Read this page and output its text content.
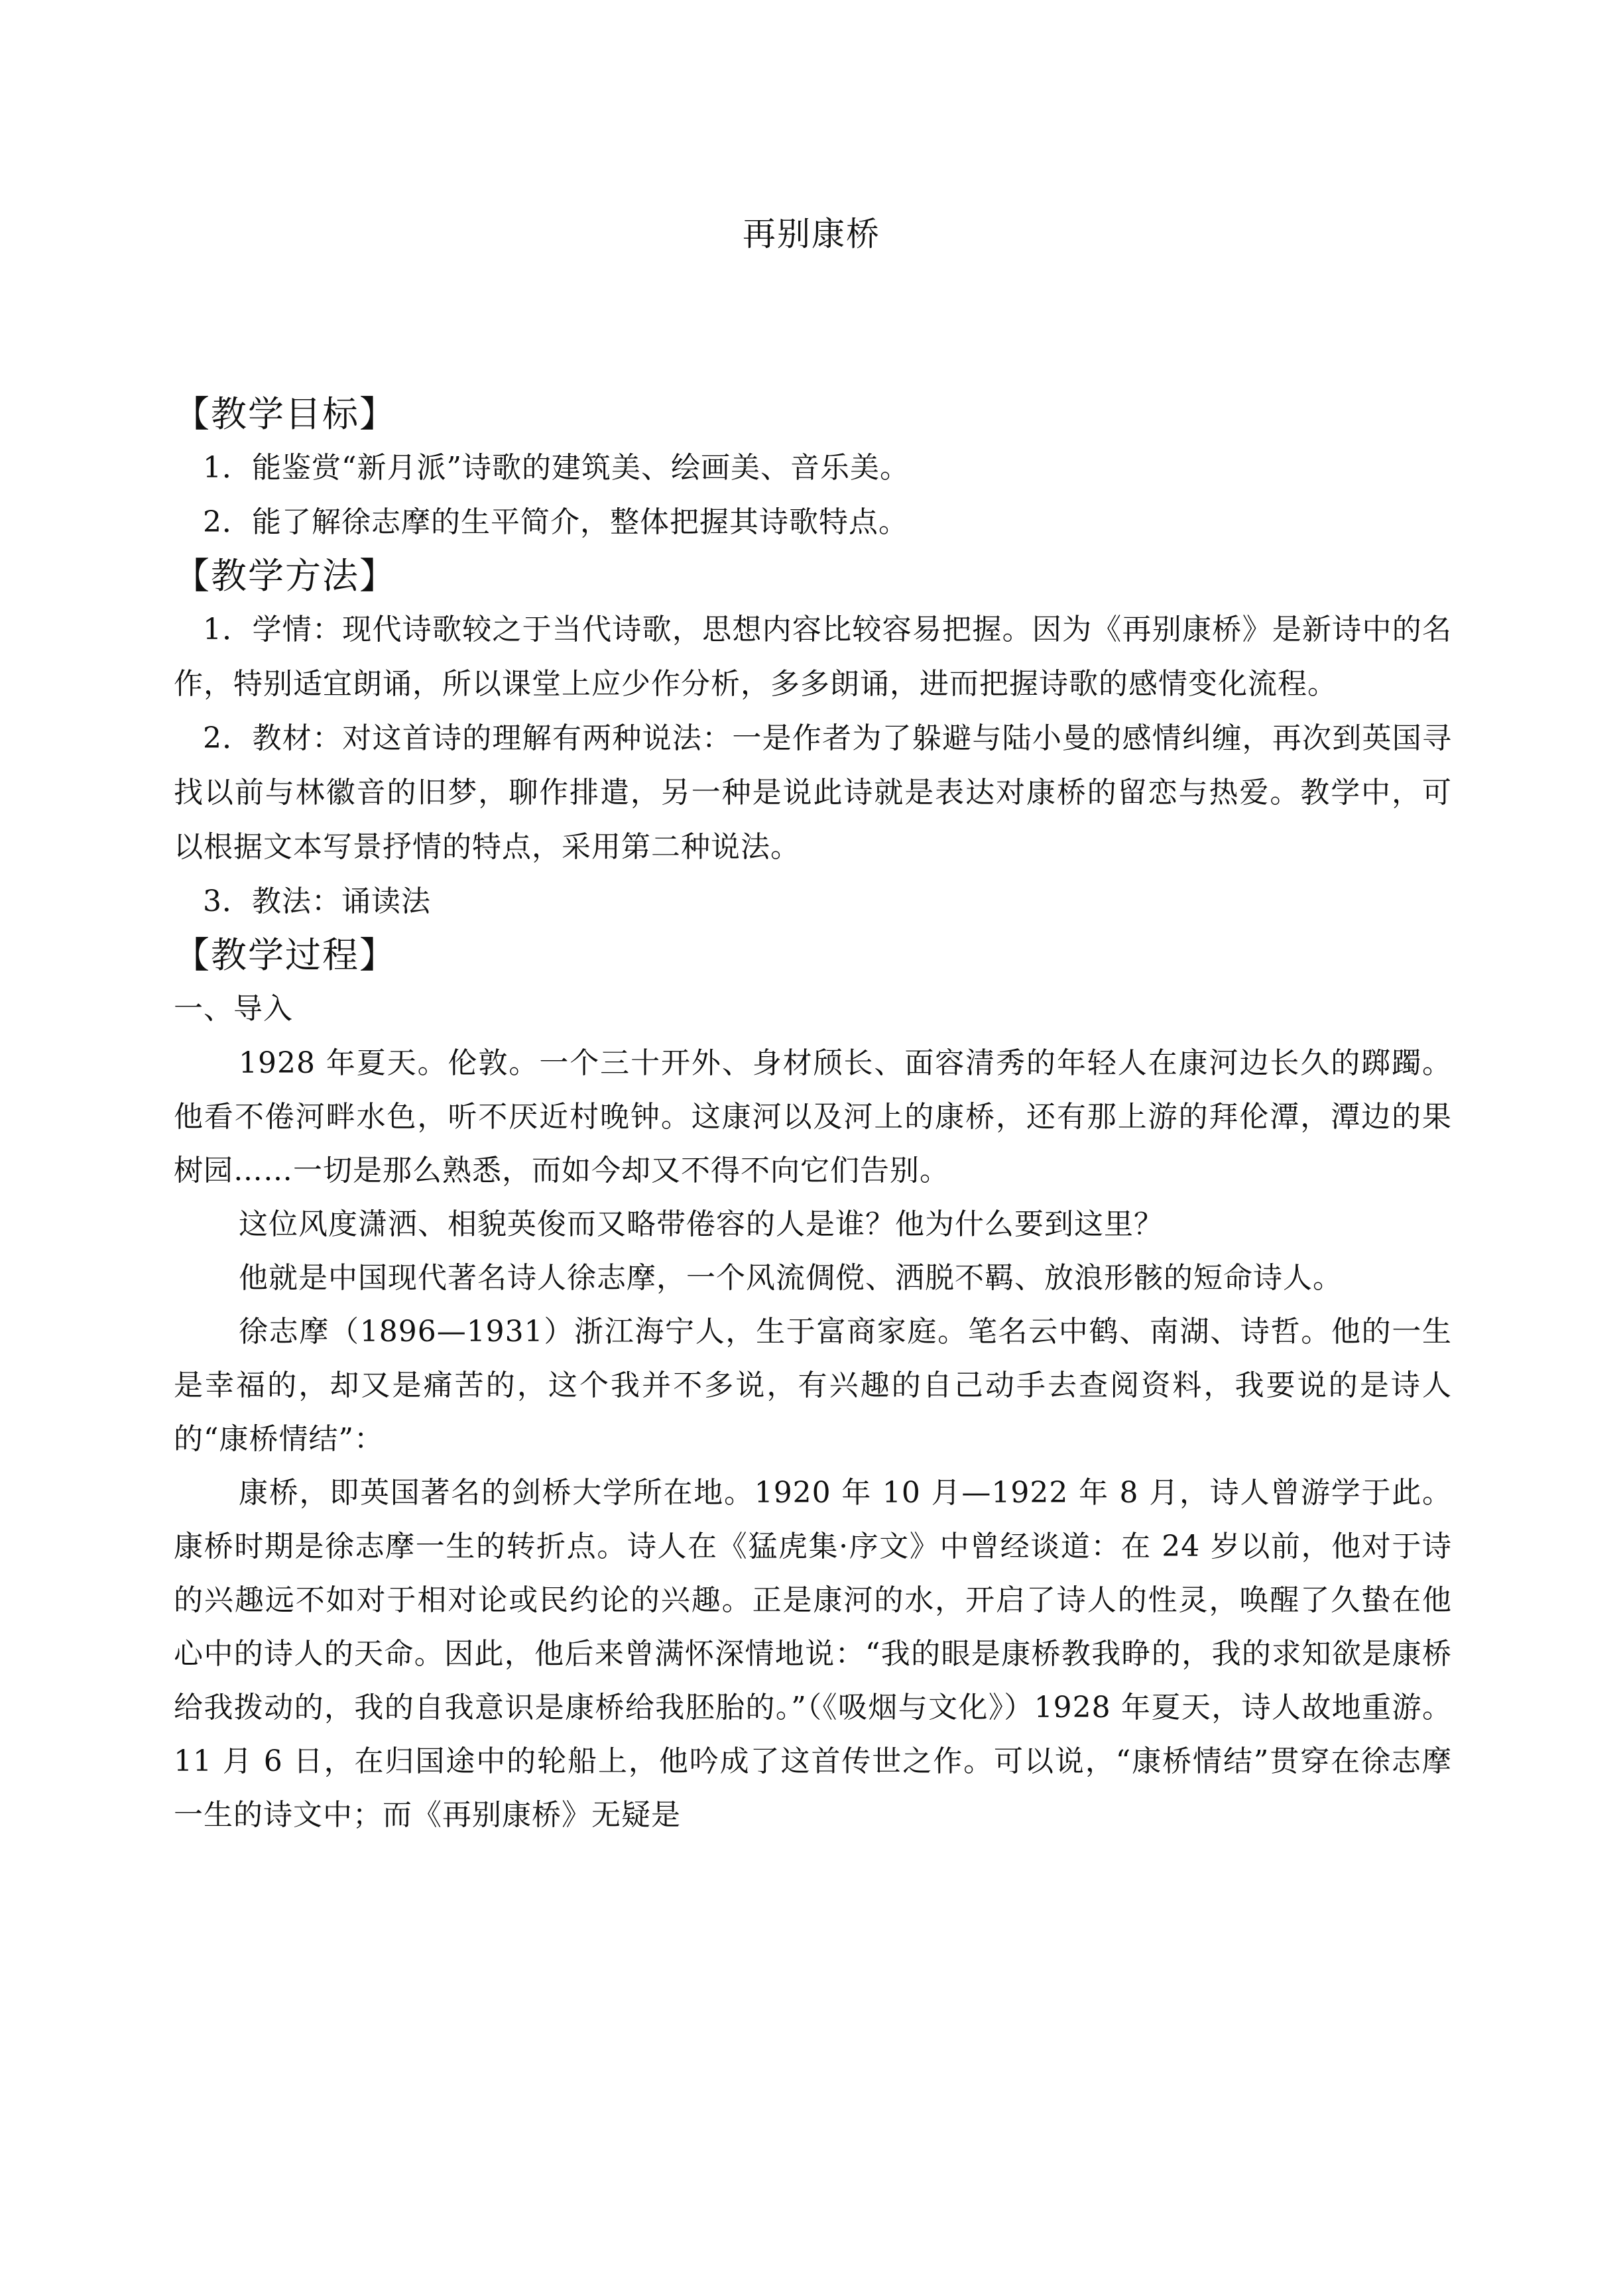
再别康桥
【教学目标】
1．能鉴赏“新月派”诗歌的建筑美、绘画美、音乐美。
2．能了解徐志摩的生平简介，整体把握其诗歌特点。
【教学方法】
1．学情：现代诗歌较之于当代诗歌，思想内容比较容易把握。因为《再别康桥》是新诗中的名作，特别适宜朗诵，所以课堂上应少作分析，多多朗诵，进而把握诗歌的感情变化流程。
2．教材：对这首诗的理解有两种说法：一是作者为了躲避与陆小曼的感情纠缠，再次到英国寻找以前与林徽音的旧梦，聊作排遣，另一种是说此诗就是表达对康桥的留恋与热爱。教学中，可以根据文本写景抒情的特点，采用第二种说法。
3．教法：诵读法
【教学过程】
一、导入
1928 年夏天。伦敦。一个三十开外、身材颀长、面容清秀的年轻人在康河边长久的踯躅。他看不倦河畔水色，听不厌近村晚钟。这康河以及河上的康桥，还有那上游的拜伦潭，潭边的果树园……一切是那么熟悉，而如今却又不得不向它们告别。
这位风度潇洒、相貌英俊而又略带倦容的人是谁？他为什么要到这里？
他就是中国现代著名诗人徐志摩，一个风流倜傥、洒脱不羁、放浪形骸的短命诗人。
徐志摩（1896—1931）浙江海宁人，生于富商家庭。笔名云中鹤、南湖、诗哲。他的一生是幸福的，却又是痛苦的，这个我并不多说，有兴趣的自己动手去查阅资料，我要说的是诗人的“康桥情结”：
康桥，即英国著名的剑桥大学所在地。1920 年 10 月—1922 年 8 月，诗人曾游学于此。康桥时期是徐志摩一生的转折点。诗人在《猛虎集·序文》中曾经谈道：在 24 岁以前，他对于诗的兴趣远不如对于相对论或民约论的兴趣。正是康河的水，开启了诗人的性灵，唤醒了久蛰在他心中的诗人的天命。因此，他后来曾满怀深情地说：“我的眼是康桥教我睁的，我的求知欲是康桥给我拨动的，我的自我意识是康桥给我胚胎的。”（《吸烟与文化》）1928 年夏天，诗人故地重游。11 月 6 日，在归国途中的轮船上，他吟成了这首传世之作。可以说，“康桥情结”贯穿在徐志摩一生的诗文中；而《再别康桥》无疑是
